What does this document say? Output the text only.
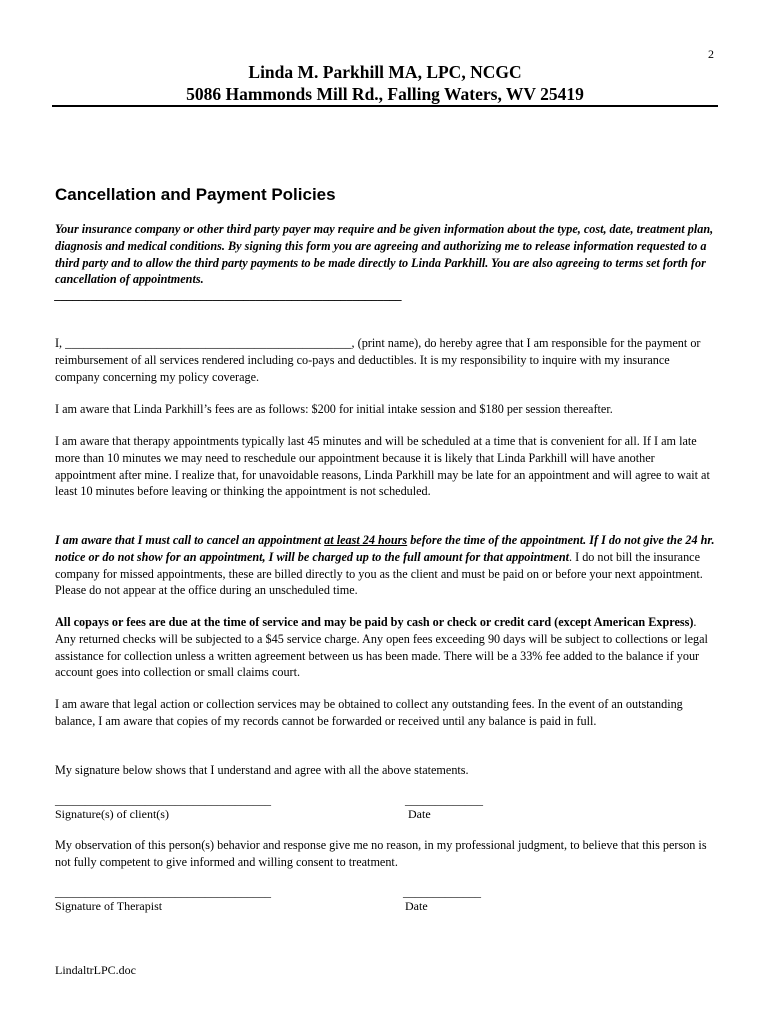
2
Linda M. Parkhill MA, LPC, NCGC
5086 Hammonds Mill Rd., Falling Waters, WV 25419
Cancellation and Payment Policies
Your insurance company or other third party payer may require and be given information about the type, cost, date, treatment plan, diagnosis and medical conditions. By signing this form you are agreeing and authorizing me to release information requested to a third party and to allow the third party payments to be made directly to Linda Parkhill. You are also agreeing to terms set forth for cancellation of appointments.
_________________________________________________________
I, _______________________________________________, (print name), do hereby agree that I am responsible for the payment or reimbursement of all services rendered including co-pays and deductibles. It is my responsibility to inquire with my insurance company concerning my policy coverage.
I am aware that Linda Parkhill’s fees are as follows: $200 for initial intake session and $180 per session thereafter.
I am aware that therapy appointments typically last 45 minutes and will be scheduled at a time that is convenient for all. If I am late more than 10 minutes we may need to reschedule our appointment because it is likely that Linda Parkhill will have another appointment after mine. I realize that, for unavoidable reasons, Linda Parkhill may be late for an appointment and will agree to wait at least 10 minutes before leaving or thinking the appointment is not scheduled.
I am aware that I must call to cancel an appointment at least 24 hours before the time of the appointment. If I do not give the 24 hr. notice or do not show for an appointment, I will be charged up to the full amount for that appointment. I do not bill the insurance company for missed appointments, these are billed directly to you as the client and must be paid on or before your next appointment. Please do not appear at the office during an unscheduled time.
All copays or fees are due at the time of service and may be paid by cash or check or credit card (except American Express). Any returned checks will be subjected to a $45 service charge. Any open fees exceeding 90 days will be subject to collections or legal assistance for collection unless a written agreement between us has been made. There will be a 33% fee added to the balance if your account goes into collection or small claims court.
I am aware that legal action or collection services may be obtained to collect any outstanding fees. In the event of an outstanding balance, I am aware that copies of my records cannot be forwarded or received until any balance is paid in full.
My signature below shows that I understand and agree with all the above statements.
____________________________________
Signature(s) of client(s)
_____________
Date
My observation of this person(s) behavior and response give me no reason, in my professional judgment, to believe that this person is not fully competent to give informed and willing consent to treatment.
____________________________________
Signature of Therapist
_____________
Date
LindaltrLPC.doc
